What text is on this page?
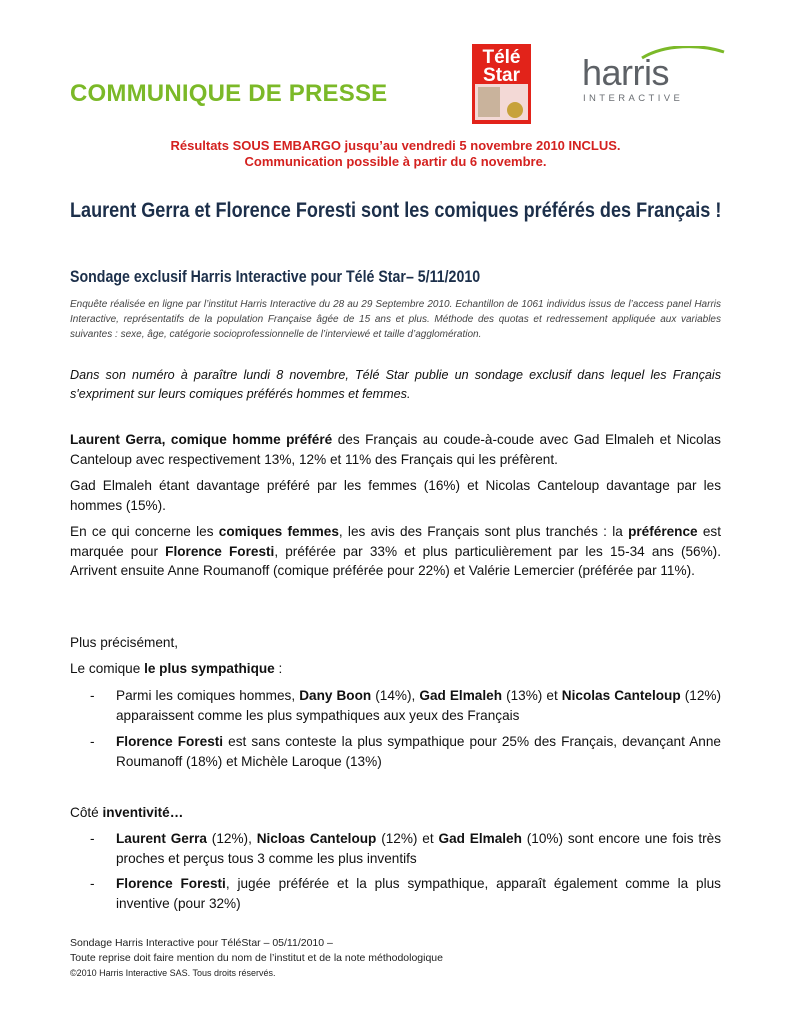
COMMUNIQUE DE PRESSE
Télé
Star harris
INTERACTIVE
Résultats SOUS EMBARGO jusqu’au vendredi 5 novembre 2010 INCLUS.
Communication possible à partir du 6 novembre.
Laurent Gerra et Florence Foresti sont les comiques préférés des Français !
Sondage exclusif Harris Interactive pour Télé Star– 5/11/2010
Enquête réalisée en ligne par l’institut Harris Interactive du 28 au 29 Septembre 2010. Echantillon de 1061 individus issus de l’access panel Harris Interactive, représentatifs de la population Française âgée de 15 ans et plus. Méthode des quotas et redressement appliquée aux variables suivantes : sexe, âge, catégorie socioprofessionnelle de l’interviewé et taille d’agglomération.
Dans son numéro à paraître lundi 8 novembre, Télé Star publie un sondage exclusif dans lequel les Français s'expriment sur leurs comiques préférés hommes et femmes.
Laurent Gerra, comique homme préféré des Français au coude-à-coude avec Gad Elmaleh et Nicolas Canteloup avec respectivement 13%, 12% et 11% des Français qui les préfèrent.
Gad Elmaleh étant davantage préféré par les femmes (16%) et Nicolas Canteloup davantage par les hommes (15%).
En ce qui concerne les comiques femmes, les avis des Français sont plus tranchés : la préférence est marquée pour Florence Foresti, préférée par 33% et plus particulièrement par les 15-34 ans (56%). Arrivent ensuite Anne Roumanoff (comique préférée pour 22%) et Valérie Lemercier (préférée par 11%).
Plus précisément,
Le comique le plus sympathique :
- Parmi les comiques hommes, Dany Boon (14%), Gad Elmaleh (13%) et Nicolas Canteloup (12%) apparaissent comme les plus sympathiques aux yeux des Français
- Florence Foresti est sans conteste la plus sympathique pour 25% des Français, devançant Anne Roumanoff (18%) et Michèle Laroque (13%)
Côté inventivité…
- Laurent Gerra (12%), Nicloas Canteloup (12%) et Gad Elmaleh (10%) sont encore une fois très proches et perçus tous 3 comme les plus inventifs
- Florence Foresti, jugée préférée et la plus sympathique, apparaît également comme la plus inventive (pour 32%)
Sondage Harris Interactive pour TéléStar – 05/11/2010 –
Toute reprise doit faire mention du nom de l’institut et de la note méthodologique
©2010 Harris Interactive SAS. Tous droits réservés.
